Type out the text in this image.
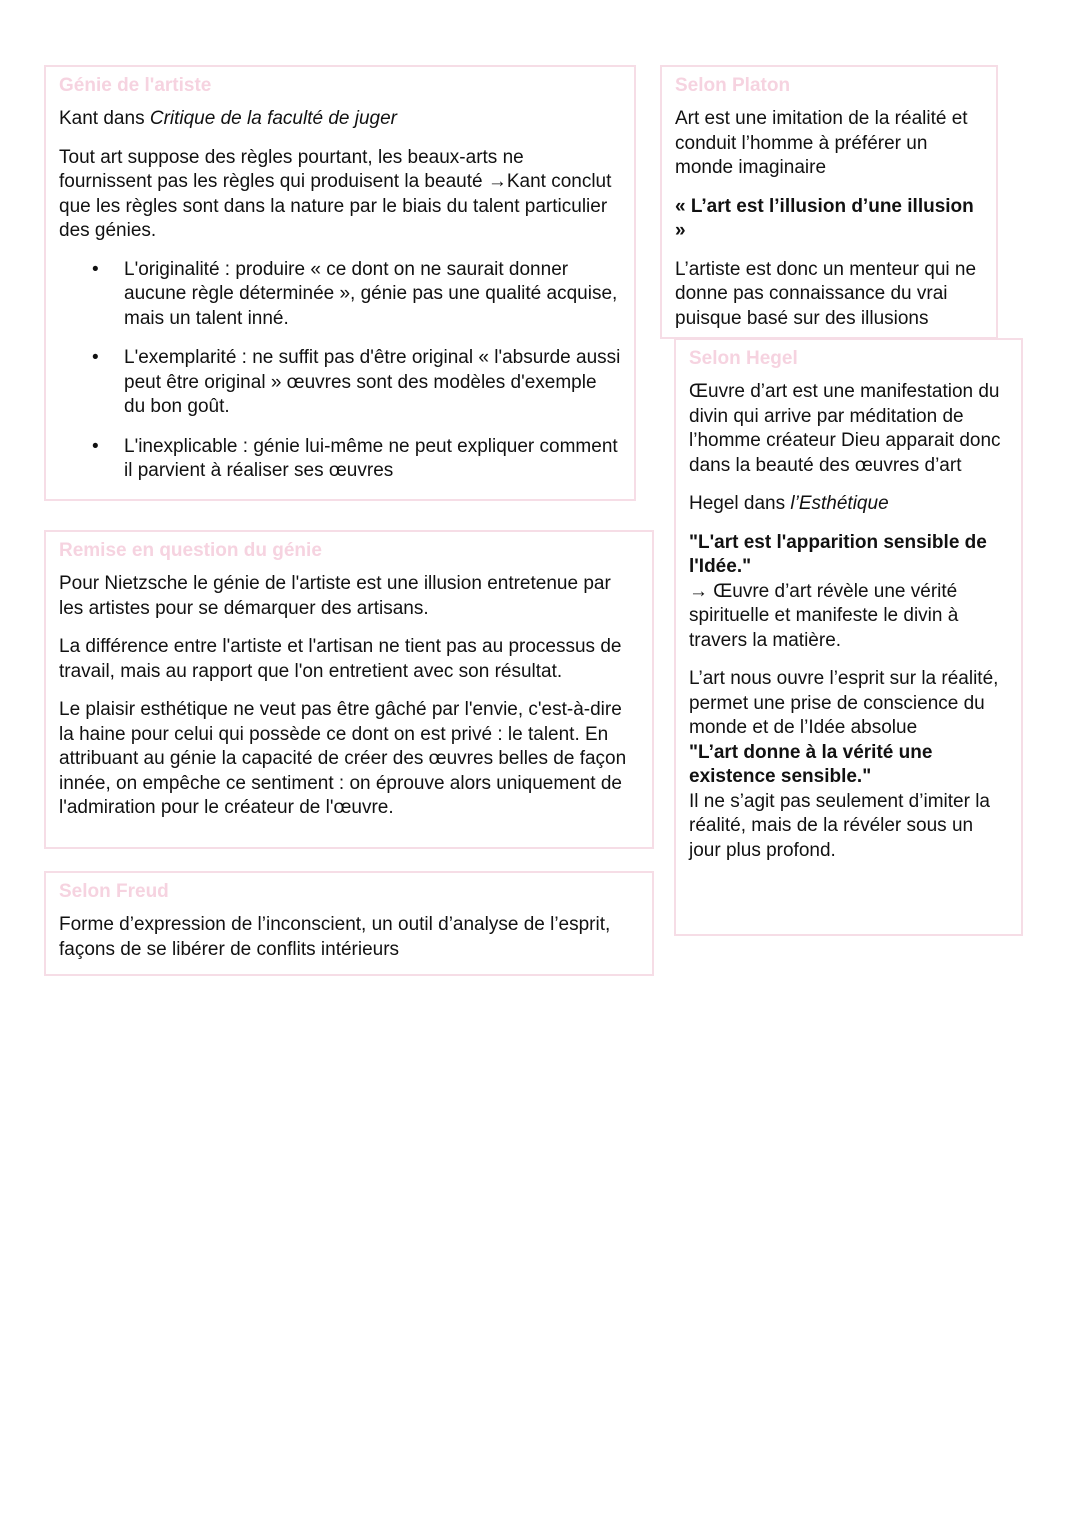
Génie de l'artiste

Kant dans Critique de la faculté de juger

Tout art suppose des règles pourtant, les beaux-arts ne fournissent pas les règles qui produisent la beauté →Kant conclut que les règles sont dans la nature par le biais du talent particulier des génies.

• L'originalité : produire « ce dont on ne saurait donner aucune règle déterminée », génie pas une qualité acquise, mais un talent inné.
• L'exemplarité : ne suffit pas d'être original « l'absurde aussi peut être original » œuvres sont des modèles d'exemple du bon goût.
• L'inexplicable : génie lui-même ne peut expliquer comment il parvient à réaliser ses œuvres
Remise en question du génie

Pour Nietzsche le génie de l'artiste est une illusion entretenue par les artistes pour se démarquer des artisans.

La différence entre l'artiste et l'artisan ne tient pas au processus de travail, mais au rapport que l'on entretient avec son résultat.

Le plaisir esthétique ne veut pas être gâché par l'envie, c'est-à-dire la haine pour celui qui possède ce dont on est privé : le talent. En attribuant au génie la capacité de créer des œuvres belles de façon innée, on empêche ce sentiment : on éprouve alors uniquement de l'admiration pour le créateur de l'œuvre.

Selon Freud

Forme d’expression de l’inconscient, un outil d’analyse de l’esprit, façons de se libérer de conflits intérieurs

Selon Platon

Art est une imitation de la réalité et conduit l’homme à préférer un monde imaginaire

« L’art est l’illusion d’une illusion »

L’artiste est donc un menteur qui ne donne pas connaissance du vrai puisque basé sur des illusions

Selon Hegel

Œuvre d’art est une manifestation du divin qui arrive par méditation de l’homme créateur Dieu apparait donc dans la beauté des œuvres d’art

Hegel dans l’Esthétique

"L'art est l'apparition sensible de l'Idée."

→ Œuvre d’art révèle une vérité spirituelle et manifeste le divin à travers la matière.

L’art nous ouvre l’esprit sur la réalité, permet une prise de conscience du monde et de l’Idée absolue

"L’art donne à la vérité une existence sensible."

Il ne s’agit pas seulement d’imiter la réalité, mais de la révéler sous un jour plus profond.
